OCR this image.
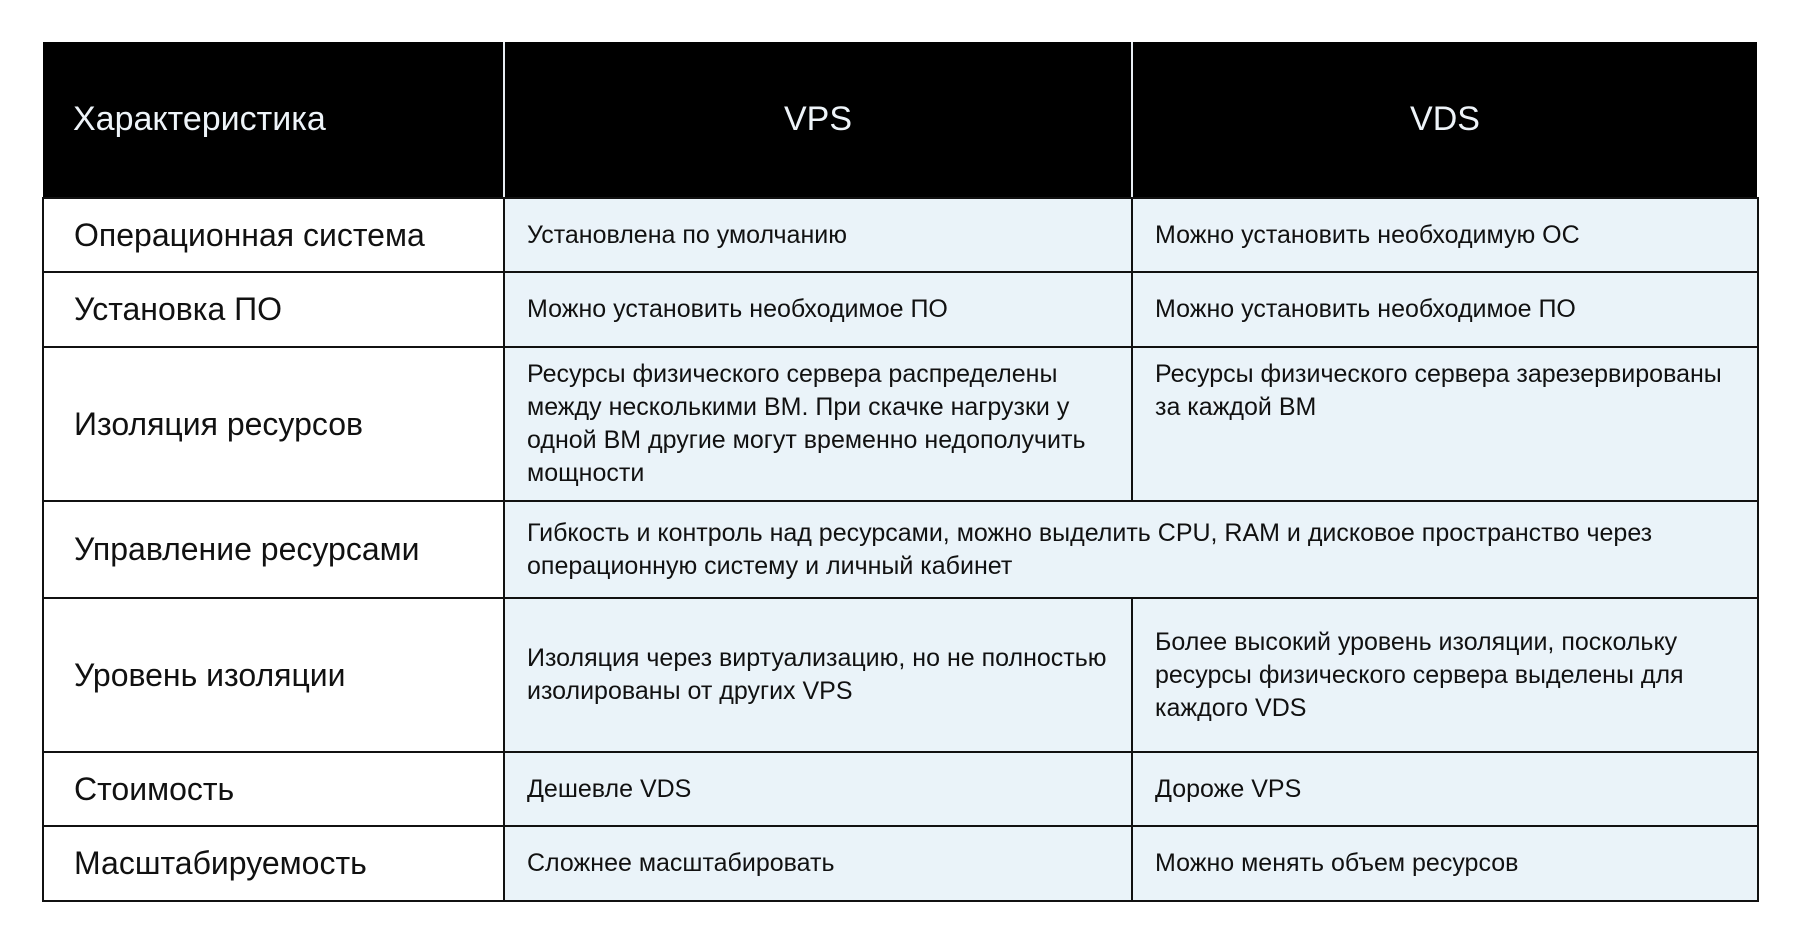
Характеристика	VPS	VDS
Операционная система	Установлена по умолчанию	Можно установить необходимую ОС
Установка ПО	Можно установить необходимое ПО	Можно установить необходимое ПО
Изоляция ресурсов	Ресурсы физического сервера распределены между несколькими ВМ. При скачке нагрузки у одной ВМ другие могут временно недополучить мощности	Ресурсы физического сервера зарезервированы за каждой ВМ
Управление ресурсами	Гибкость и контроль над ресурсами, можно выделить CPU, RAM и дисковое пространство через операционную систему и личный кабинет	
Уровень изоляции	Изоляция через виртуализацию, но не полностью изолированы от других VPS	Более высокий уровень изоляции, поскольку ресурсы физического сервера выделены для каждого VDS
Стоимость	Дешевле VDS	Дороже VPS
Масштабируемость	Сложнее масштабировать	Можно менять объем ресурсов
